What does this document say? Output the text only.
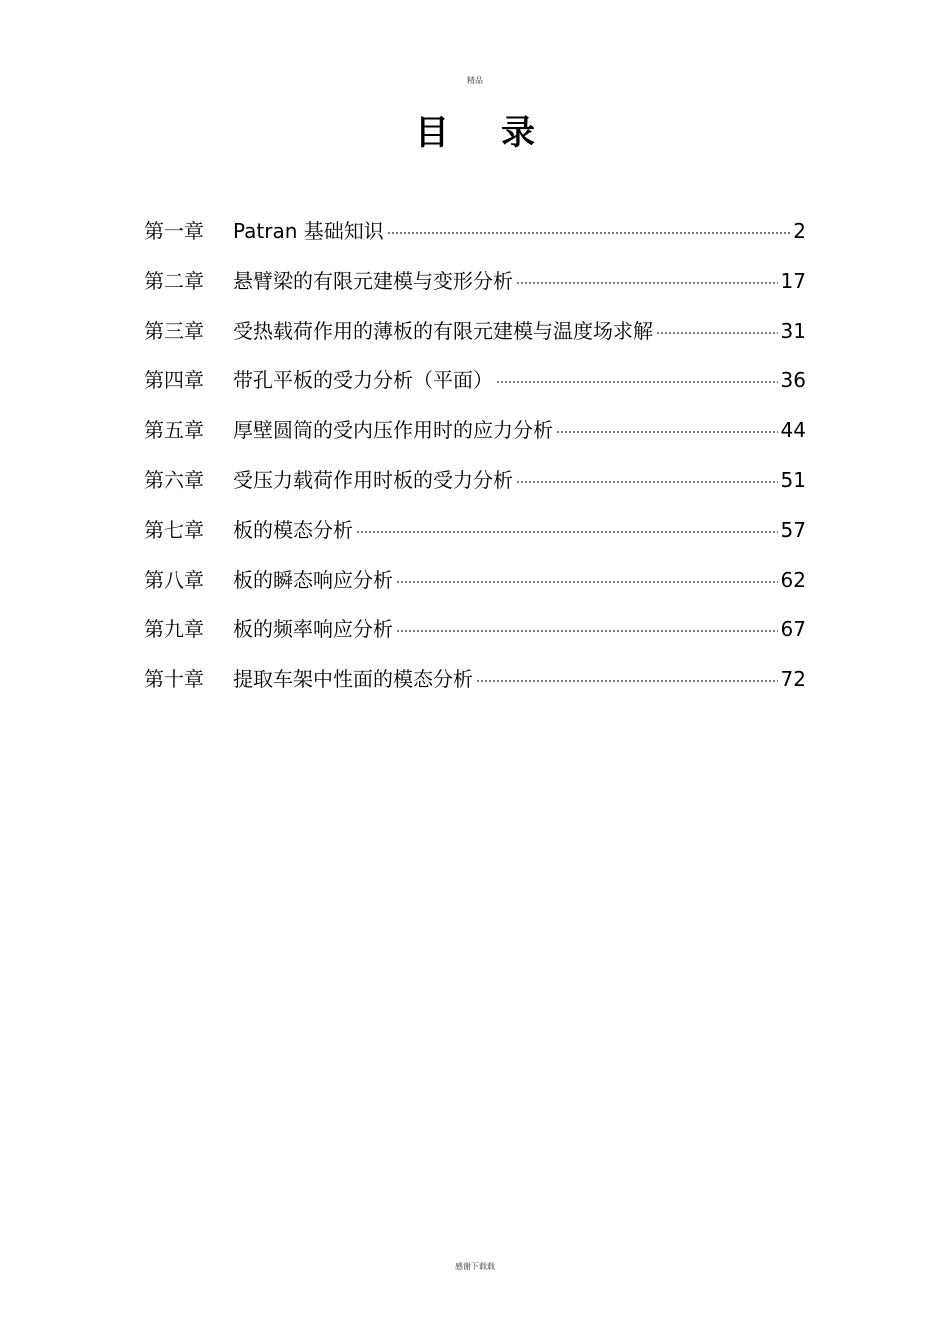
精品
目录
第一章	Patran 基础知识	2
第二章	悬臂梁的有限元建模与变形分析	17
第三章	受热载荷作用的薄板的有限元建模与温度场求解	31
第四章	带孔平板的受力分析（平面）	36
第五章	厚壁圆筒的受内压作用时的应力分析	44
第六章	受压力载荷作用时板的受力分析	51
第七章	板的模态分析	57
第八章	板的瞬态响应分析	62
第九章	板的频率响应分析	67
第十章	提取车架中性面的模态分析	72
感谢下载载
